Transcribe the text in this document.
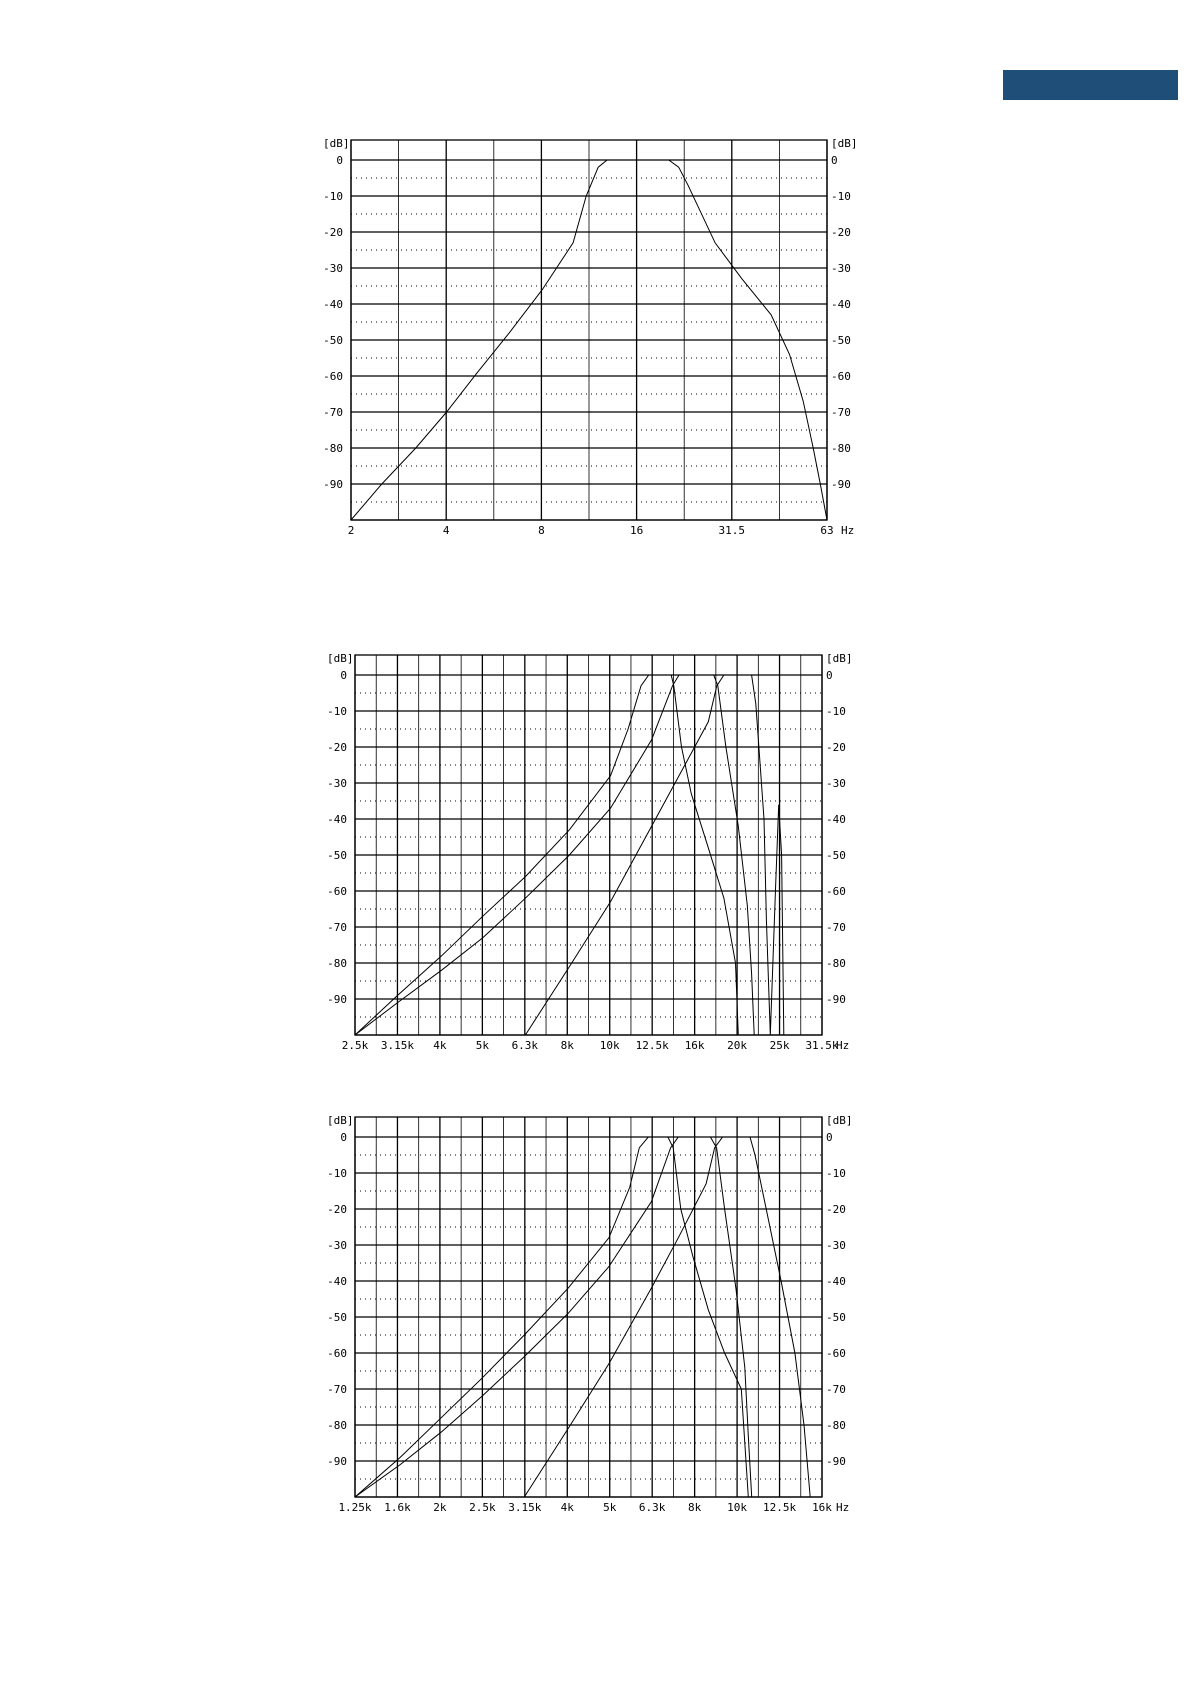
[dB]	[dB]
0	0
-10	-10
-20	-20
-30	-30
-40	-40
-50	-50
-60	-60
-70	-70
-80	-80
-90	-90
2	4	8	16	31.5	63 Hz
[dB]	[dB]
0	0
-10	-10
-20	-20
-30	-30
-40	-40
-50	-50
-60	-60
-70	-70
-80	-80
-90	-90
2.5k 3.15k 4k	5k 6.3k 8k 10k 12.5k 16k 20k 25k 31.5k
Hz
[dB]	[dB]
0	0
-10	-10
-20	-20
-30	-30
-40	-40
-50	-50
-60	-60
-70	-70
-80	-80
-90	-90
1.25k 1.6k 2k 2.5k 3.15k 4k	5k 6.3k 8k 10k 12.5k 16k Hz
